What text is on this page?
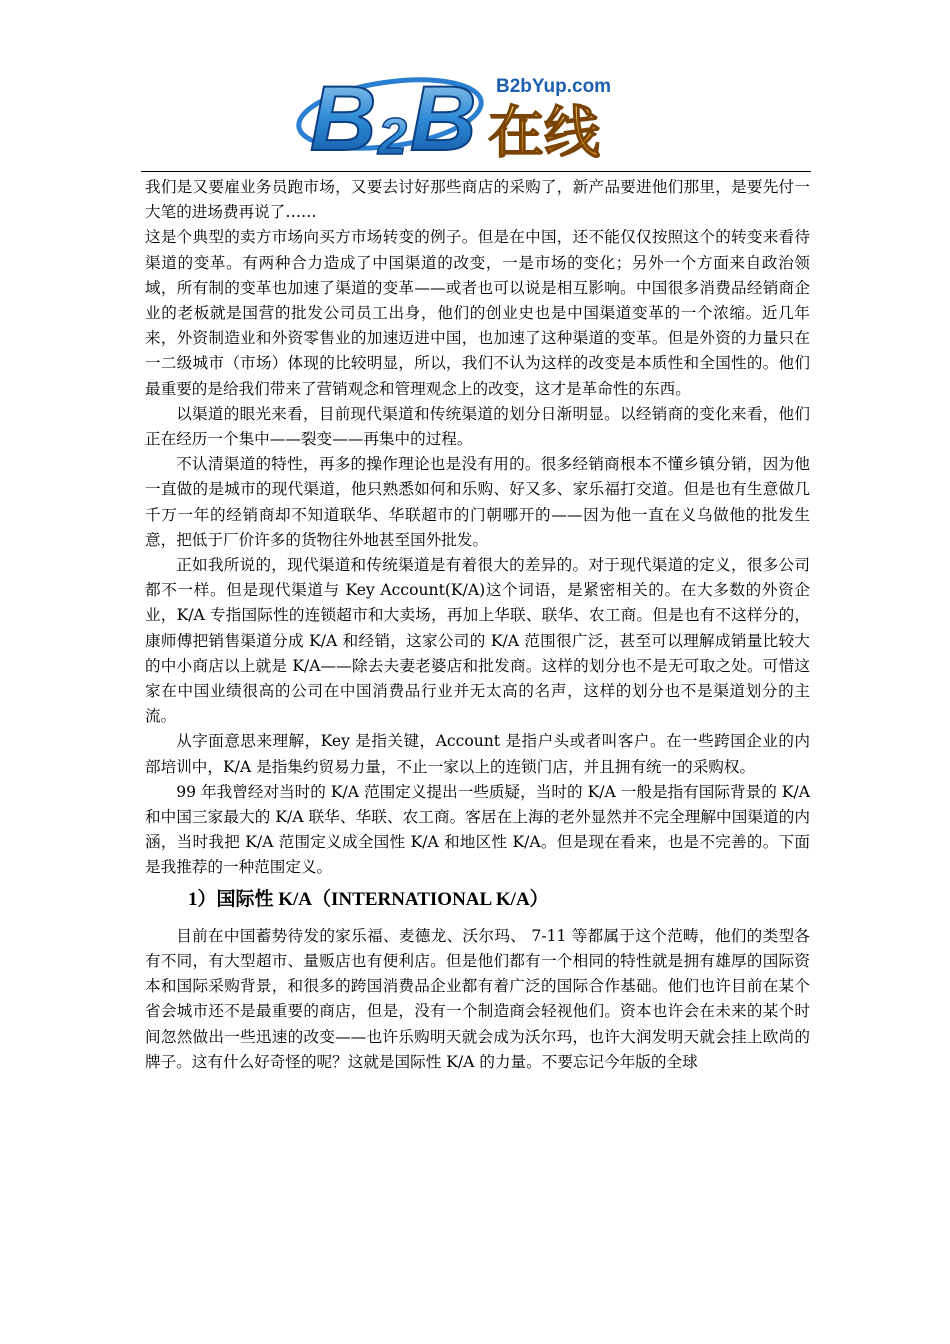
B 2 B B2bYup.com
在线

我们是又要雇业务员跑市场，又要去讨好那些商店的采购了，新产品要进他们那里，是要先付一大笔的进场费再说了……

这是个典型的卖方市场向买方市场转变的例子。但是在中国，还不能仅仅按照这个的转变来看待渠道的变革。有两种合力造成了中国渠道的改变，一是市场的变化；另外一个方面来自政治领域，所有制的变革也加速了渠道的变革——或者也可以说是相互影响。中国很多消费品经销商企业的老板就是国营的批发公司员工出身，他们的创业史也是中国渠道变革的一个浓缩。近几年来，外资制造业和外资零售业的加速迈进中国，也加速了这种渠道的变革。但是外资的力量只在一二级城市（市场）体现的比较明显，所以，我们不认为这样的改变是本质性和全国性的。他们最重要的是给我们带来了营销观念和管理观念上的改变，这才是革命性的东西。

以渠道的眼光来看，目前现代渠道和传统渠道的划分日渐明显。以经销商的变化来看，他们正在经历一个集中——裂变——再集中的过程。

不认清渠道的特性，再多的操作理论也是没有用的。很多经销商根本不懂乡镇分销，因为他一直做的是城市的现代渠道，他只熟悉如何和乐购、好又多、家乐福打交道。但是也有生意做几千万一年的经销商却不知道联华、华联超市的门朝哪开的——因为他一直在义乌做他的批发生意，把低于厂价许多的货物往外地甚至国外批发。

正如我所说的，现代渠道和传统渠道是有着很大的差异的。对于现代渠道的定义，很多公司都不一样。但是现代渠道与 Key Account(K/A)这个词语，是紧密相关的。在大多数的外资企业，K/A 专指国际性的连锁超市和大卖场，再加上华联、联华、农工商。但是也有不这样分的，康师傅把销售渠道分成 K/A 和经销，这家公司的 K/A 范围很广泛，甚至可以理解成销量比较大的中小商店以上就是 K/A——除去夫妻老婆店和批发商。这样的划分也不是无可取之处。可惜这家在中国业绩很高的公司在中国消费品行业并无太高的名声，这样的划分也不是渠道划分的主流。

从字面意思来理解，Key 是指关键，Account 是指户头或者叫客户。在一些跨国企业的内部培训中，K/A 是指集约贸易力量，不止一家以上的连锁门店，并且拥有统一的采购权。

99 年我曾经对当时的 K/A 范围定义提出一些质疑，当时的 K/A 一般是指有国际背景的 K/A 和中国三家最大的 K/A 联华、华联、农工商。客居在上海的老外显然并不完全理解中国渠道的内涵，当时我把 K/A 范围定义成全国性 K/A 和地区性 K/A。但是现在看来，也是不完善的。下面是我推荐的一种范围定义。

1）国际性 K/A（INTERNATIONAL K/A）

目前在中国蓄势待发的家乐福、麦德龙、沃尔玛、 7-11 等都属于这个范畴，他们的类型各有不同，有大型超市、量贩店也有便利店。但是他们都有一个相同的特性就是拥有雄厚的国际资本和国际采购背景，和很多的跨国消费品企业都有着广泛的国际合作基础。他们也许目前在某个省会城市还不是最重要的商店，但是，没有一个制造商会轻视他们。资本也许会在未来的某个时间忽然做出一些迅速的改变——也许乐购明天就会成为沃尔玛，也许大润发明天就会挂上欧尚的牌子。这有什么好奇怪的呢？这就是国际性 K/A 的力量。不要忘记今年版的全球
